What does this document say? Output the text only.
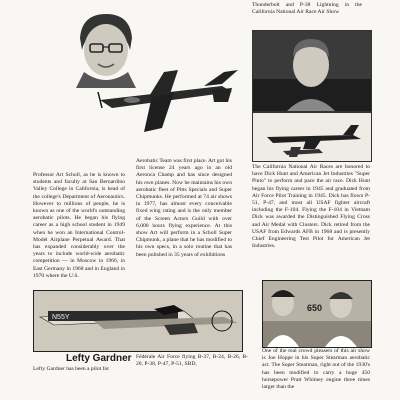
Professor Art Scholl, as he is known to students and faculty at San Bernardino Valley College in California, is head of the college's Department of Aeronautics. However to millions of people, he is known as one of the world's outstanding aerobatic pilots. He began his flying career as a high school student in 1949 when he won an International Control-Model Airplane Perpetual Award. That has expanded considerably over the years to include world-wide aerobatic competition — in Moscow in 1966, in East Germany in 1968 and in England in 1970 where the U.S.
Aerobatic Team was first place. Art got his first license 24 years ago in an old Aeronca Champ and has since designed his own planes. Now he maintains his own aerobatic fleet of Pitts Specials and Super Chipmunks. He performed at 74 air shows in 1977, has almost every conceivable fixed wing rating and is the only member of the Screen Actors Guild with over 6,000 hours flying experience. At this show Art will perform in a Scholl Super Chipmunk, a plane that he has modified to his own specs, in a solo routine that has been polished in 35 years of exhibitions
Thunderbolt and P-38 Lightning in the California National Air Race Air Show
The California National Air Races are honored to have Dick Hunt and American Jet Industries "Super Pinto" to perform and pace the air race. Dick Hunt began his flying career in 1945 and graduated from Air Force Pilot Training in 1945. Dick has flown P-51, P-47, and most all USAF fighter aircraft including the F-104. Flying the F-104 in Vietnam Dick was awarded the Distinguished Flying Cross and Air Medal with Clusters. Dick retired from the USAF from Edwards AFB in 1968 and is presently Chief Engineering Test Pilot for American Jet Industries.
N55Y
650
One of the real crowd pleasers of this air show is Joe Hoppe in his Super Stearman aerobatic act. The Super Stearman, right out of the 1930's has been modified to carry a huge 450 horsepower Pratt Whitney engine three times larger than the
Lefty Gardner
Lefty Gardner has been a pilot for
Fédérale Air Force flying B-37, B-24, B-26, B-20, P-38, P-47, P-51, SBD,
